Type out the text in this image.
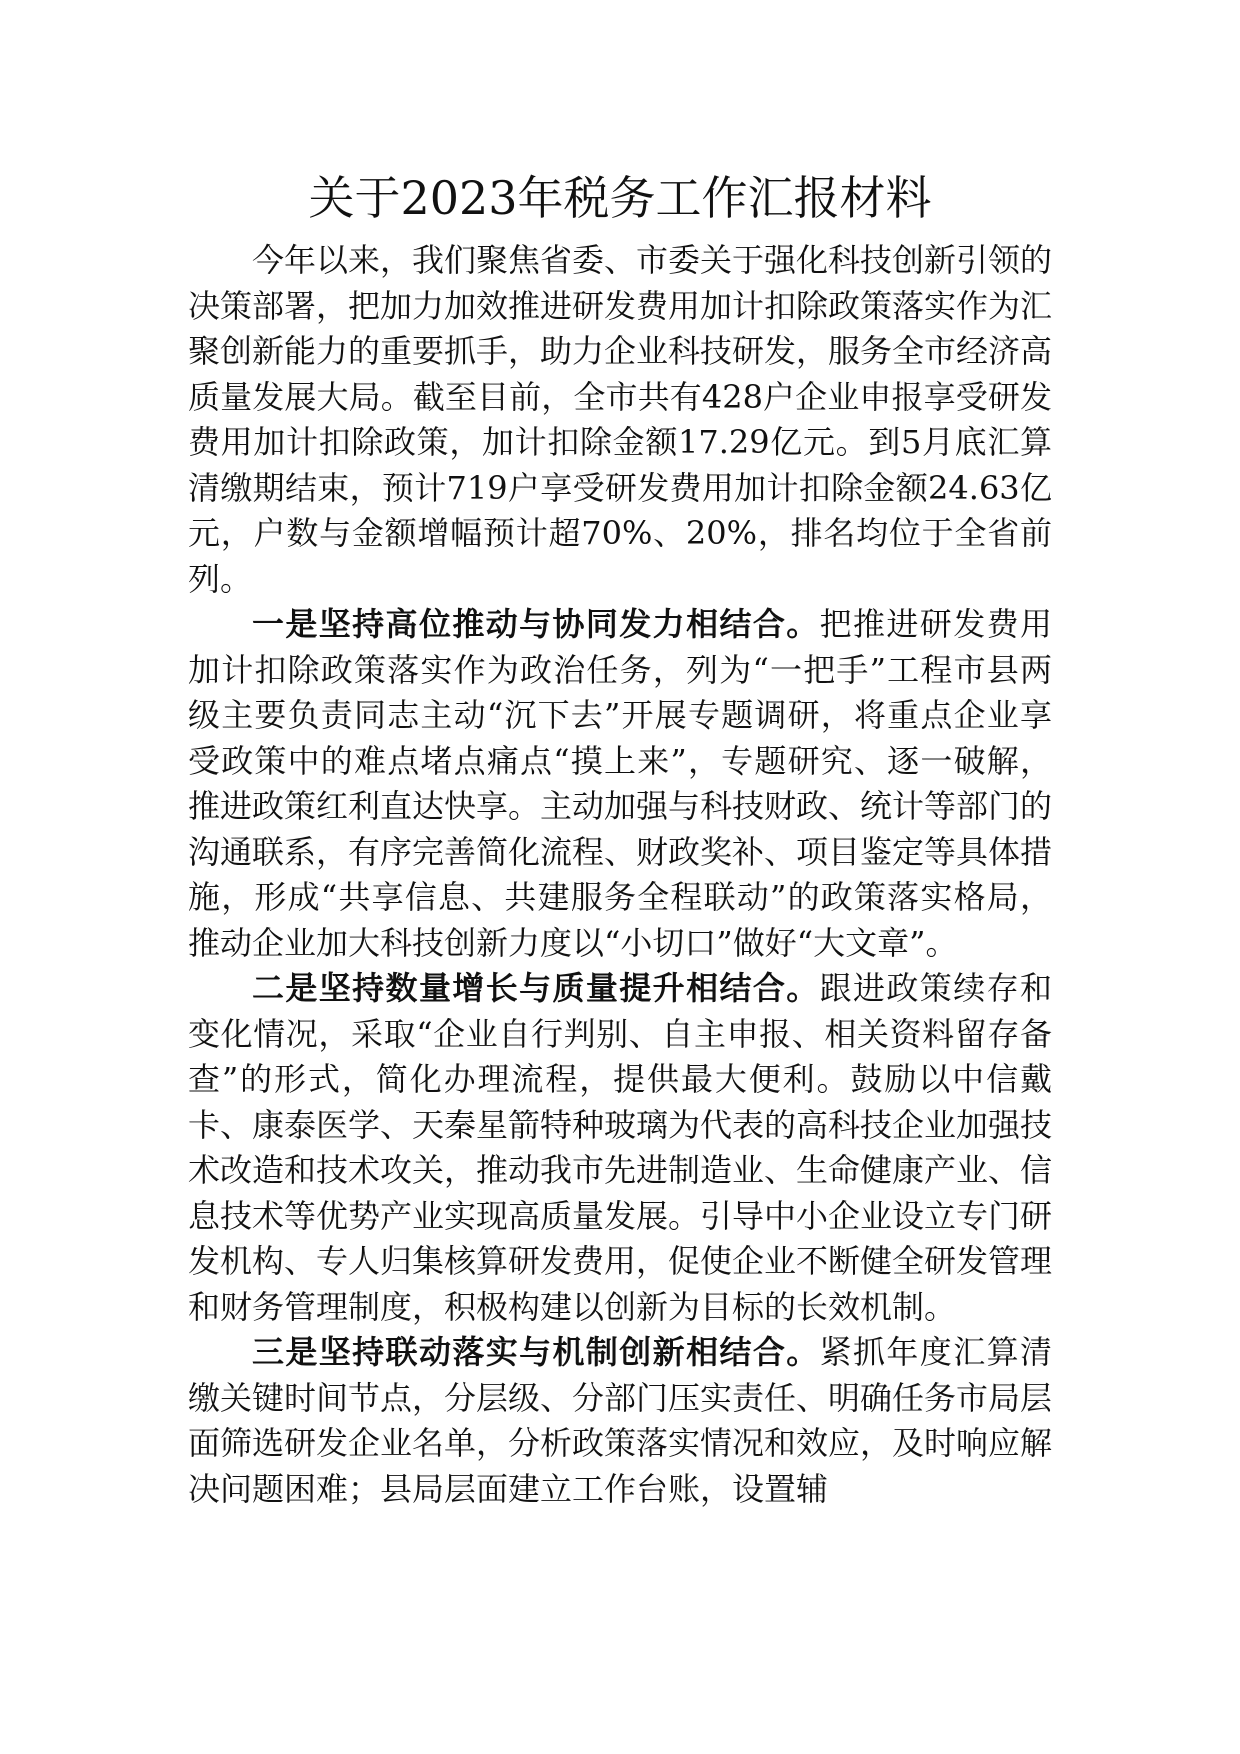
关于2023年税务工作汇报材料

今年以来，我们聚焦省委、市委关于强化科技创新引领的决策部署，把加力加效推进研发费用加计扣除政策落实作为汇聚创新能力的重要抓手，助力企业科技研发，服务全市经济高质量发展大局。截至目前，全市共有428户企业申报享受研发费用加计扣除政策，加计扣除金额17.29亿元。到5月底汇算清缴期结束，预计719户享受研发费用加计扣除金额24.63亿元，户数与金额增幅预计超70%、20%，排名均位于全省前列。

一是坚持高位推动与协同发力相结合。把推进研发费用加计扣除政策落实作为政治任务，列为“一把手”工程市县两级主要负责同志主动“沉下去”开展专题调研，将重点企业享受政策中的难点堵点痛点“摸上来”，专题研究、逐一破解，推进政策红利直达快享。主动加强与科技财政、统计等部门的沟通联系，有序完善简化流程、财政奖补、项目鉴定等具体措施，形成“共享信息、共建服务全程联动”的政策落实格局，推动企业加大科技创新力度以“小切口”做好“大文章”。

二是坚持数量增长与质量提升相结合。跟进政策续存和变化情况，采取“企业自行判别、自主申报、相关资料留存备查”的形式，简化办理流程，提供最大便利。鼓励以中信戴卡、康泰医学、天秦星箭特种玻璃为代表的高科技企业加强技术改造和技术攻关，推动我市先进制造业、生命健康产业、信息技术等优势产业实现高质量发展。引导中小企业设立专门研发机构、专人归集核算研发费用，促使企业不断健全研发管理和财务管理制度，积极构建以创新为目标的长效机制。

三是坚持联动落实与机制创新相结合。紧抓年度汇算清缴关键时间节点，分层级、分部门压实责任、明确任务市局层面筛选研发企业名单，分析政策落实情况和效应，及时响应解决问题困难；县局层面建立工作台账，设置辅
